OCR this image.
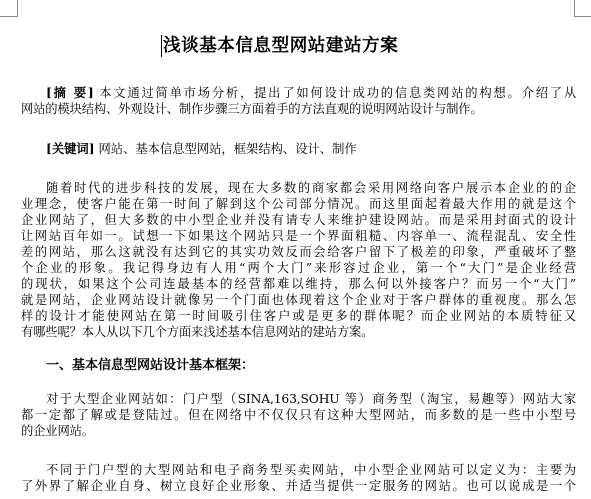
浅谈基本信息型网站建站方案
[摘 要] 本文通过简单市场分析，提出了如何设计成功的信息类网站的构想。介绍了从
网站的模块结构、外观设计、制作步骤三方面着手的方法直观的说明网站设计与制作。
[关键词] 网站、基本信息型网站，框架结构、设计、制作
随着时代的进步科技的发展，现在大多数的商家都会采用网络向客户展示本企业的的企
业理念，使客户能在第一时间了解到这个公司部分情况。而这里面起着最大作用的就是这个
企业网站了，但大多数的中小型企业并没有请专人来维护建设网站。而是采用封面式的设计
让网站百年如一。试想一下如果这个网站只是一个界面粗糙、内容单一、流程混乱、安全性
差的网站，那么这就没有达到它的其实功效反而会给客户留下了极差的印象，严重破坏了整
个企业的形象。我记得身边有人用“两个大门”来形容过企业，第一个“大门”是企业经营
的现状，如果这个公司连最基本的经营都难以维持，那么何以外接客户？而另一个“大门”
就是网站，企业网站设计就像另一个门面也体现着这个企业对于客户群体的重视度。那么怎
样的设计才能使网站在第一时间吸引住客户或是更多的群体呢？而企业网站的本质特征又
有哪些呢？本人从以下几个方面来浅述基本信息网站的建站方案。
一、基本信息型网站设计基本框架：
对于大型企业网站如：门户型（SINA,163,SOHU 等）商务型（淘宝，易趣等）网站大家
都一定都了解或是登陆过。但在网络中不仅仅只有这种大型网站，而多数的是一些中小型号
的企业网站。
不同于门户型的大型网站和电子商务型买卖网站，中小型企业网站可以定义为：主要为
了外界了解企业自身、树立良好企业形象、并适当提供一定服务的网站。也可以说成是一个
